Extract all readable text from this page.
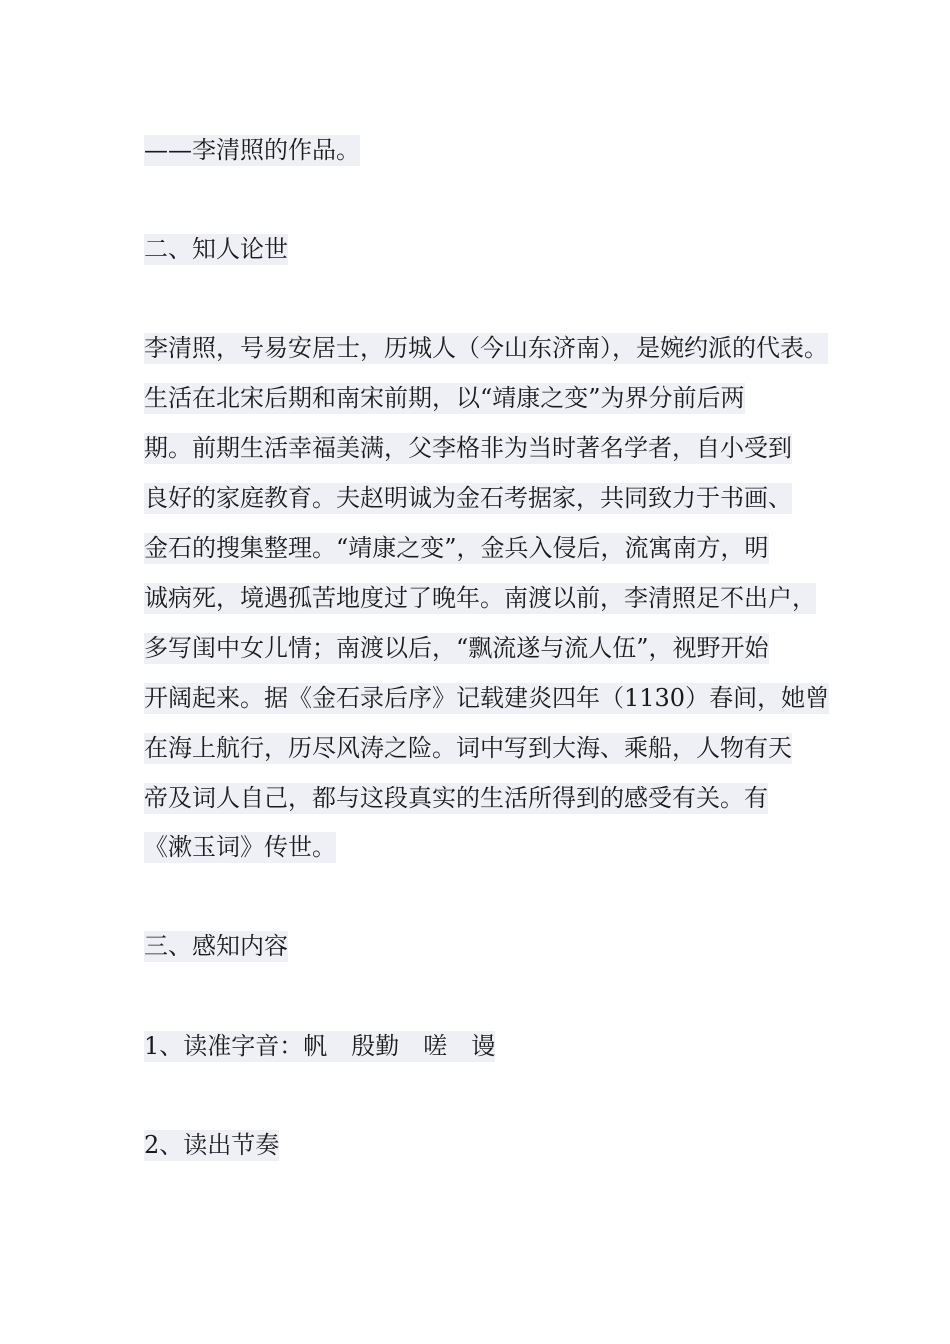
——李清照的作品。
二、知人论世
李清照，号易安居士，历城人（今山东济南），是婉约派的代表。
生活在北宋后期和南宋前期，以“靖康之变”为界分前后两
期。前期生活幸福美满，父李格非为当时著名学者，自小受到
良好的家庭教育。夫赵明诚为金石考据家，共同致力于书画、
金石的搜集整理。“靖康之变”，金兵入侵后，流寓南方，明
诚病死，境遇孤苦地度过了晚年。南渡以前，李清照足不出户，
多写闺中女儿情；南渡以后，“飘流遂与流人伍”，视野开始
开阔起来。据《金石录后序》记载建炎四年（1130）春间，她曾
在海上航行，历尽风涛之险。词中写到大海、乘船，人物有天
帝及词人自己，都与这段真实的生活所得到的感受有关。有
《漱玉词》传世。
三、感知内容
1、读准字音：帆　殷勤　嗟　谩
2、读出节奏
